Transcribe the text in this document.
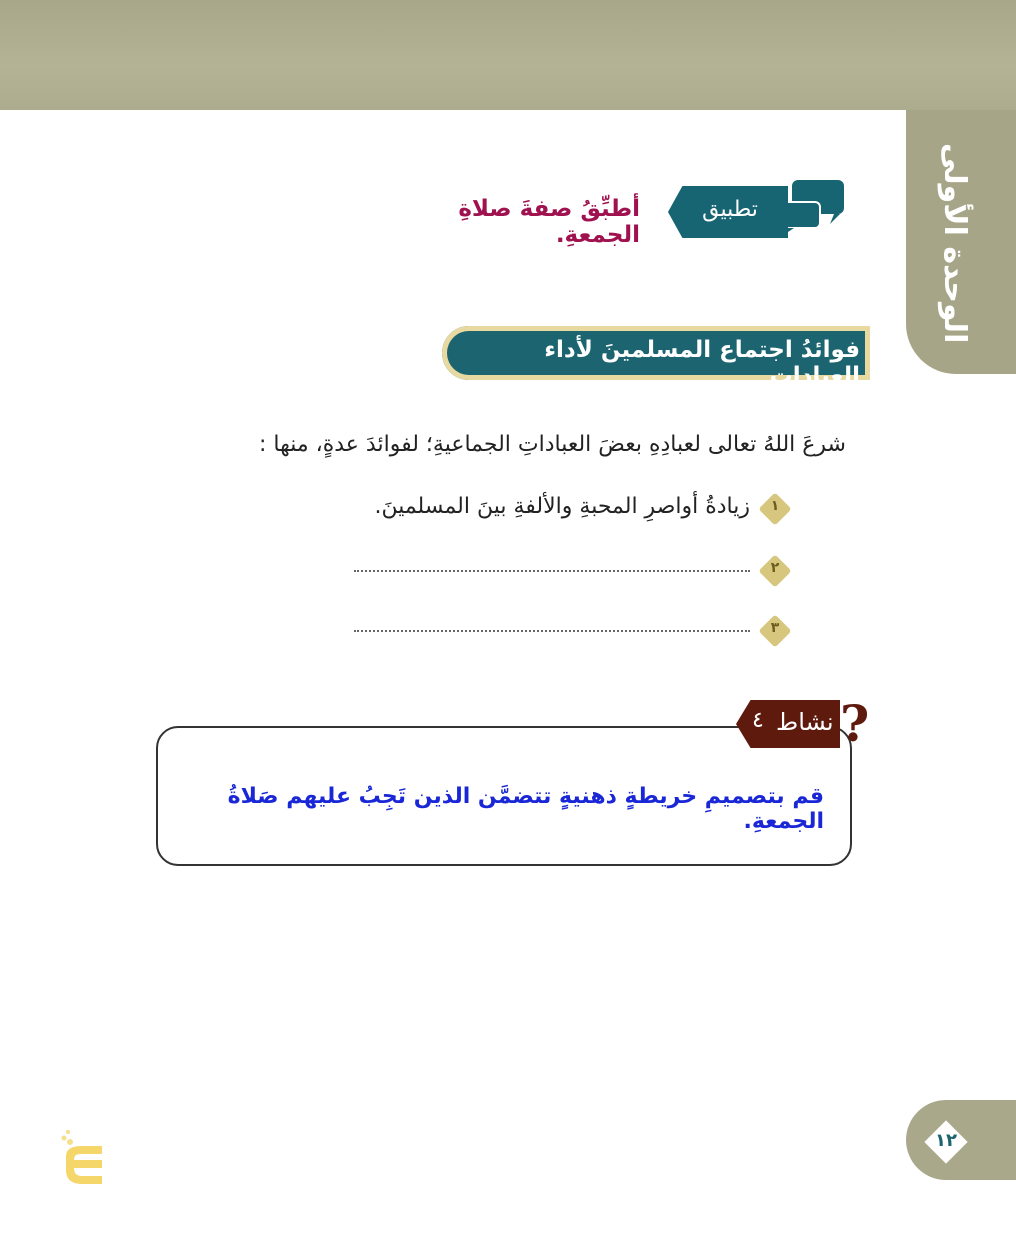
الوحدة الأولى
تطبيق
أطبِّقُ صفةَ صلاةِ الجمعةِ.
فوائدُ اجتماع المسلمينَ لأداء العبادات
شرعَ اللهُ تعالى لعبادِهِ بعضَ العباداتِ الجماعيةِ؛ لفوائدَ عدةٍ، منها :
١
زيادةُ أواصرِ المحبةِ والألفةِ بينَ المسلمينَ.
٢
٣
نشاط
٤ ?
قم بتصميمِ خريطةٍ ذهنيةٍ تتضمَّن الذين تَجِبُ عليهم صَلاةُ الجمعةِ.
١٢
